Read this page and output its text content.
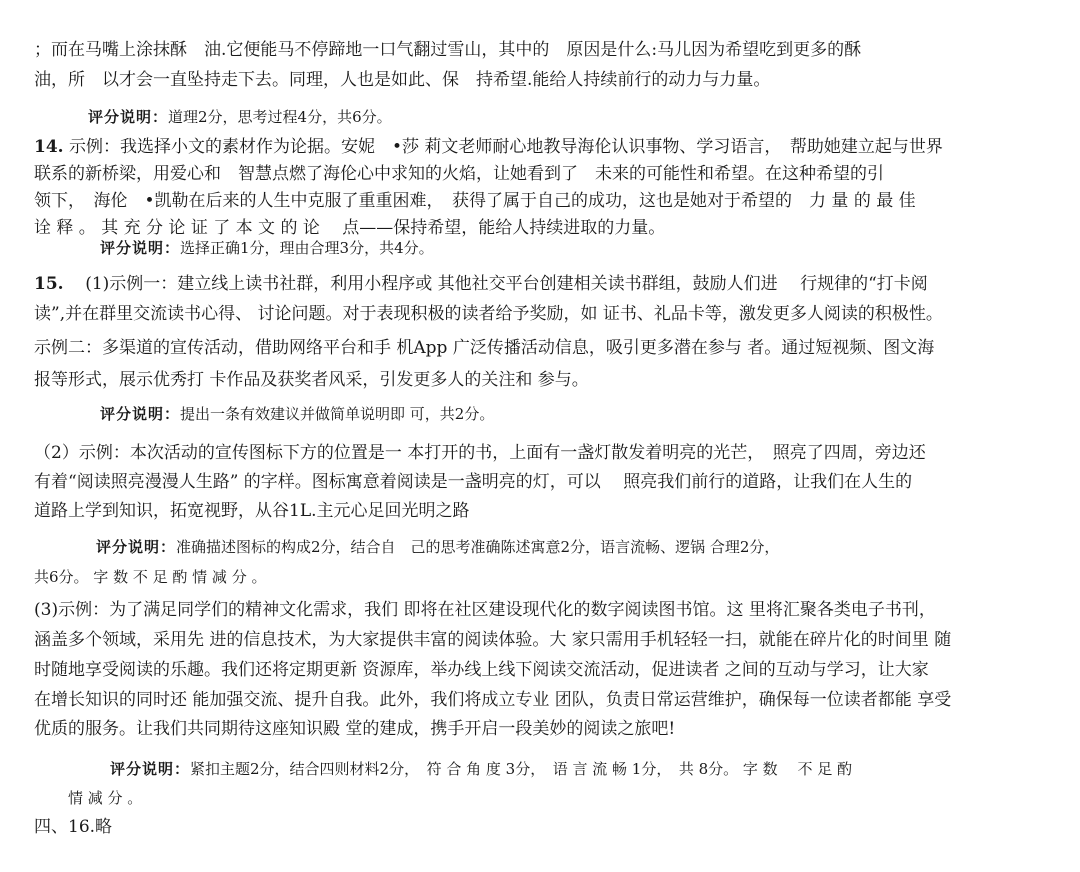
；而在马嘴上涂抹酥　油.它便能马不停蹄地一口气翻过雪山，其中的　原因是什么:马儿因为希望吃到更多的酥
油，所　以才会一直坠持走下去。同理，人也是如此、保　持希望.能给人持续前行的动力与力量。
评分说明：道理2分，思考过程4分，共6分。
14. 示例：我选择小文的素材作为论据。安妮　•莎 莉文老师耐心地教导海伦认识事物、学习语言，　帮助她建立起与世界
联系的新桥梁，用爱心和　智慧点燃了海伦心中求知的火焰，让她看到了　未来的可能性和希望。在这种希望的引
领下，　海伦　•凯勒在后来的人生中克服了重重困难，　获得了属于自己的成功，这也是她对于希望的　力 量 的 最 佳
诠 释 。 其 充 分 论 证 了 本 文 的 论　 点——保持希望，能给人持续进取的力量。
评分说明：选择正确1分，理由合理3分，共4分。
15. (1)示例一：建立线上读书社群，利用小程序或 其他社交平台创建相关读书群组，鼓励人们进　 行规律的“打卡阅
读”,并在群里交流读书心得、 讨论问题。对于表现积极的读者给予奖励，如 证书、礼品卡等，激发更多人阅读的积极性。
示例二：多渠道的宣传活动，借助网络平台和手 机App 广泛传播活动信息，吸引更多潜在参与 者。通过短视频、图文海
报等形式，展示优秀打 卡作品及获奖者风采，引发更多人的关注和 参与。
评分说明：提出一条有效建议并做简单说明即 可，共2分。
（2）示例：本次活动的宣传图标下方的位置是一 本打开的书，上面有一盏灯散发着明亮的光芒，　照亮了四周，旁边还
有着“阅读照亮漫漫人生路” 的字样。图标寓意着阅读是一盏明亮的灯，可以　 照亮我们前行的道路，让我们在人生的
道路上学到知识，拓宽视野，从谷1L.主元心足回光明之路
评分说明：准确描述图标的构成2分，结合自　己的思考准确陈述寓意2分，语言流畅、逻锅 合理2分，
共6分。 字 数 不 足 酌 情 减 分 。
(3)示例：为了满足同学们的精神文化需求，我们 即将在社区建设现代化的数字阅读图书馆。这 里将汇聚各类电子书刊，
涵盖多个领域，采用先 进的信息技术，为大家提供丰富的阅读体验。大 家只需用手机轻轻一扫，就能在碎片化的时间里 随
时随地享受阅读的乐趣。我们还将定期更新 资源库，举办线上线下阅读交流活动，促进读者 之间的互动与学习，让大家
在增长知识的同时还 能加强交流、提升自我。此外，我们将成立专业 团队，负责日常运营维护，确保每一位读者都能 享受
优质的服务。让我们共同期待这座知识殿 堂的建成，携手开启一段美妙的阅读之旅吧!
评分说明：紧扣主题2分，结合四则材料2分，　符 合 角 度 3分，　语 言 流 畅 1分，　共 8分。 字 数　 不 足 酌
情 减 分 。
四、16.略
